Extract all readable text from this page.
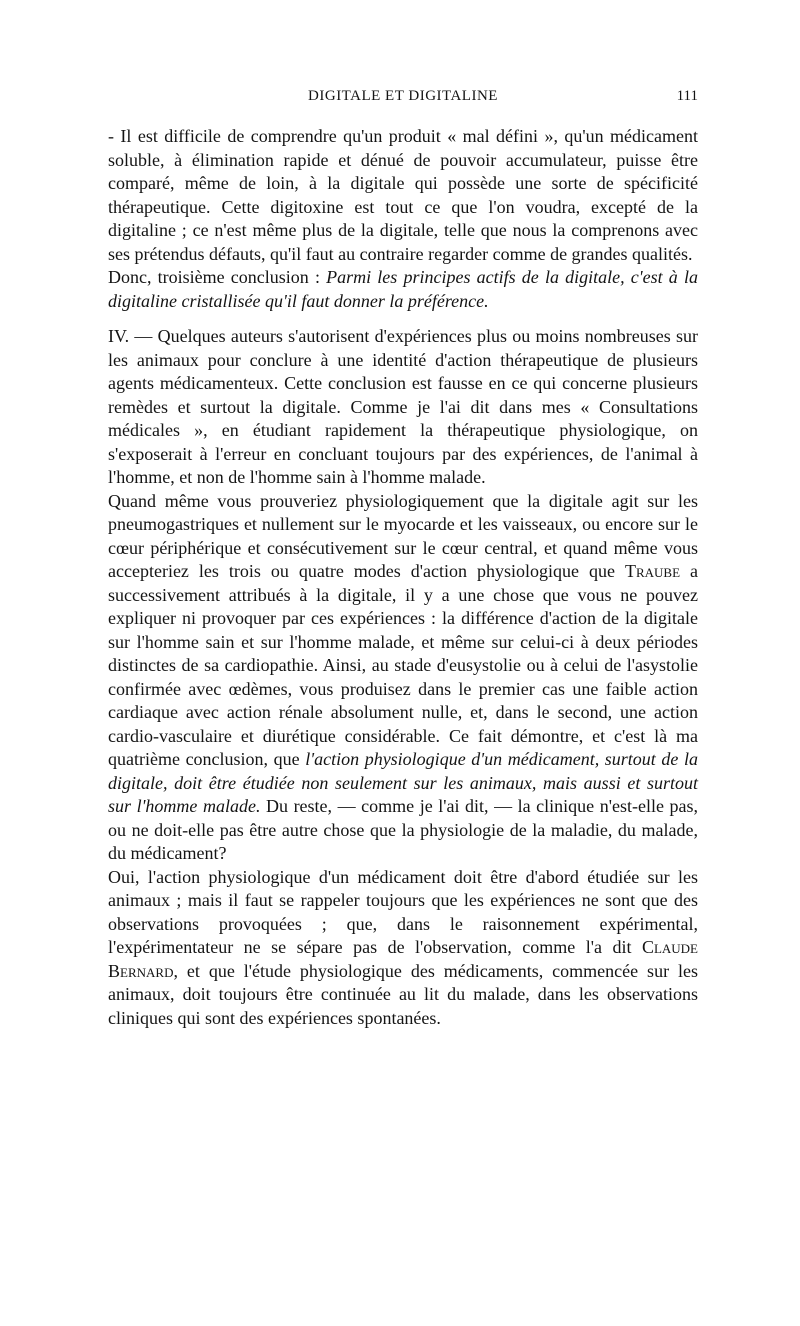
DIGITALE ET DIGITALINE	111

- Il est difficile de comprendre qu'un produit « mal défini », qu'un médicament soluble, à élimination rapide et dénué de pouvoir accumulateur, puisse être comparé, même de loin, à la digitale qui possède une sorte de spécificité thérapeutique. Cette digitoxine est tout ce que l'on voudra, excepté de la digitaline ; ce n'est même plus de la digitale, telle que nous la comprenons avec ses prétendus défauts, qu'il faut au contraire regarder comme de grandes qualités.

Donc, troisième conclusion : Parmi les principes actifs de la digitale, c'est à la digitaline cristallisée qu'il faut donner la préférence.

IV. — Quelques auteurs s'autorisent d'expériences plus ou moins nombreuses sur les animaux pour conclure à une identité d'action thérapeutique de plusieurs agents médicamenteux. Cette conclusion est fausse en ce qui concerne plusieurs remèdes et surtout la digitale. Comme je l'ai dit dans mes « Consultations médicales », en étudiant rapidement la thérapeutique physiologique, on s'exposerait à l'erreur en concluant toujours par des expériences, de l'animal à l'homme, et non de l'homme sain à l'homme malade.

Quand même vous prouveriez physiologiquement que la digitale agit sur les pneumogastriques et nullement sur le myocarde et les vaisseaux, ou encore sur le cœur périphérique et consécutivement sur le cœur central, et quand même vous accepteriez les trois ou quatre modes d'action physiologique que Traube a successivement attribués à la digitale, il y a une chose que vous ne pouvez expliquer ni provoquer par ces expériences : la différence d'action de la digitale sur l'homme sain et sur l'homme malade, et même sur celui-ci à deux périodes distinctes de sa cardiopathie. Ainsi, au stade d'eusystolie ou à celui de l'asystolie confirmée avec œdèmes, vous produisez dans le premier cas une faible action cardiaque avec action rénale absolument nulle, et, dans le second, une action cardio-vasculaire et diurétique considérable. Ce fait démontre, et c'est là ma quatrième conclusion, que l'action physiologique d'un médicament, surtout de la digitale, doit être étudiée non seulement sur les animaux, mais aussi et surtout sur l'homme malade. Du reste, — comme je l'ai dit, — la clinique n'est-elle pas, ou ne doit-elle pas être autre chose que la physiologie de la maladie, du malade, du médicament?

Oui, l'action physiologique d'un médicament doit être d'abord étudiée sur les animaux ; mais il faut se rappeler toujours que les expériences ne sont que des observations provoquées ; que, dans le raisonnement expérimental, l'expérimentateur ne se sépare pas de l'observation, comme l'a dit Claude Bernard, et que l'étude physiologique des médicaments, commencée sur les animaux, doit toujours être continuée au lit du malade, dans les observations cliniques qui sont des expériences spontanées.
